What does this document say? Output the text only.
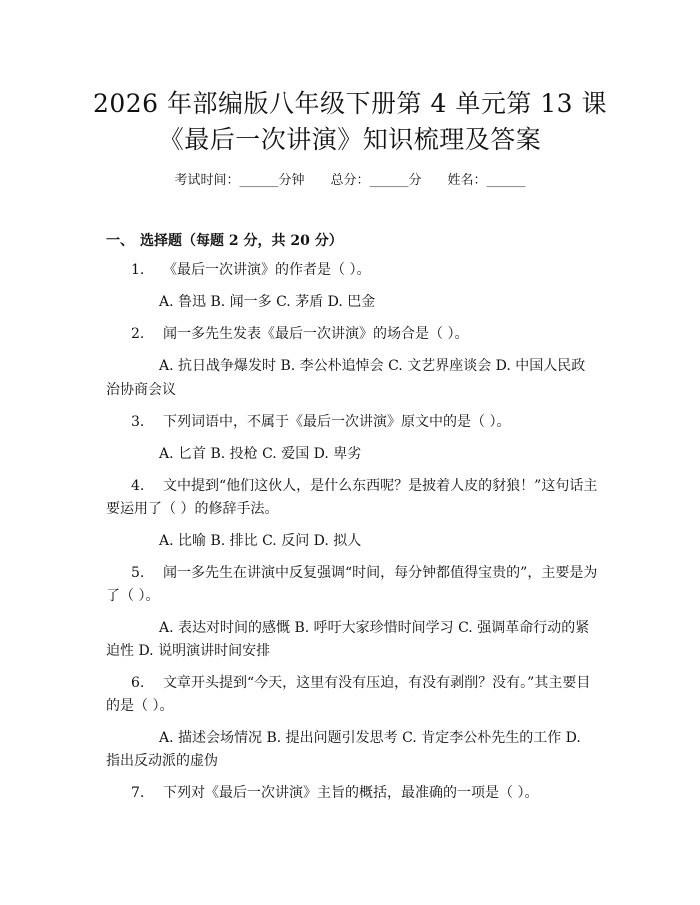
2026 年部编版八年级下册第 4 单元第 13 课
《最后一次讲演》知识梳理及答案
考试时间：______分钟 总分：______分 姓名：______
一、 选择题（每题 2 分，共 20 分）
1. 《最后一次讲演》的作者是（ ）。
A. 鲁迅 B. 闻一多 C. 茅盾 D. 巴金
2. 闻一多先生发表《最后一次讲演》的场合是（ ）。
A. 抗日战争爆发时 B. 李公朴追悼会 C. 文艺界座谈会 D. 中国人民政
治协商会议
3. 下列词语中，不属于《最后一次讲演》原文中的是（ ）。
A. 匕首 B. 投枪 C. 爱国 D. 卑劣
4. 文中提到“他们这伙人，是什么东西呢？是披着人皮的豺狼！”这句话主
要运用了（ ）的修辞手法。
A. 比喻 B. 排比 C. 反问 D. 拟人
5. 闻一多先生在讲演中反复强调“时间，每分钟都值得宝贵的”，主要是为
了（ ）。
A. 表达对时间的感慨 B. 呼吁大家珍惜时间学习 C. 强调革命行动的紧
迫性 D. 说明演讲时间安排
6. 文章开头提到“今天，这里有没有压迫，有没有剥削？没有。”其主要目
的是（ ）。
A. 描述会场情况 B. 提出问题引发思考 C. 肯定李公朴先生的工作 D.
指出反动派的虚伪
7. 下列对《最后一次讲演》主旨的概括，最准确的一项是（ ）。
